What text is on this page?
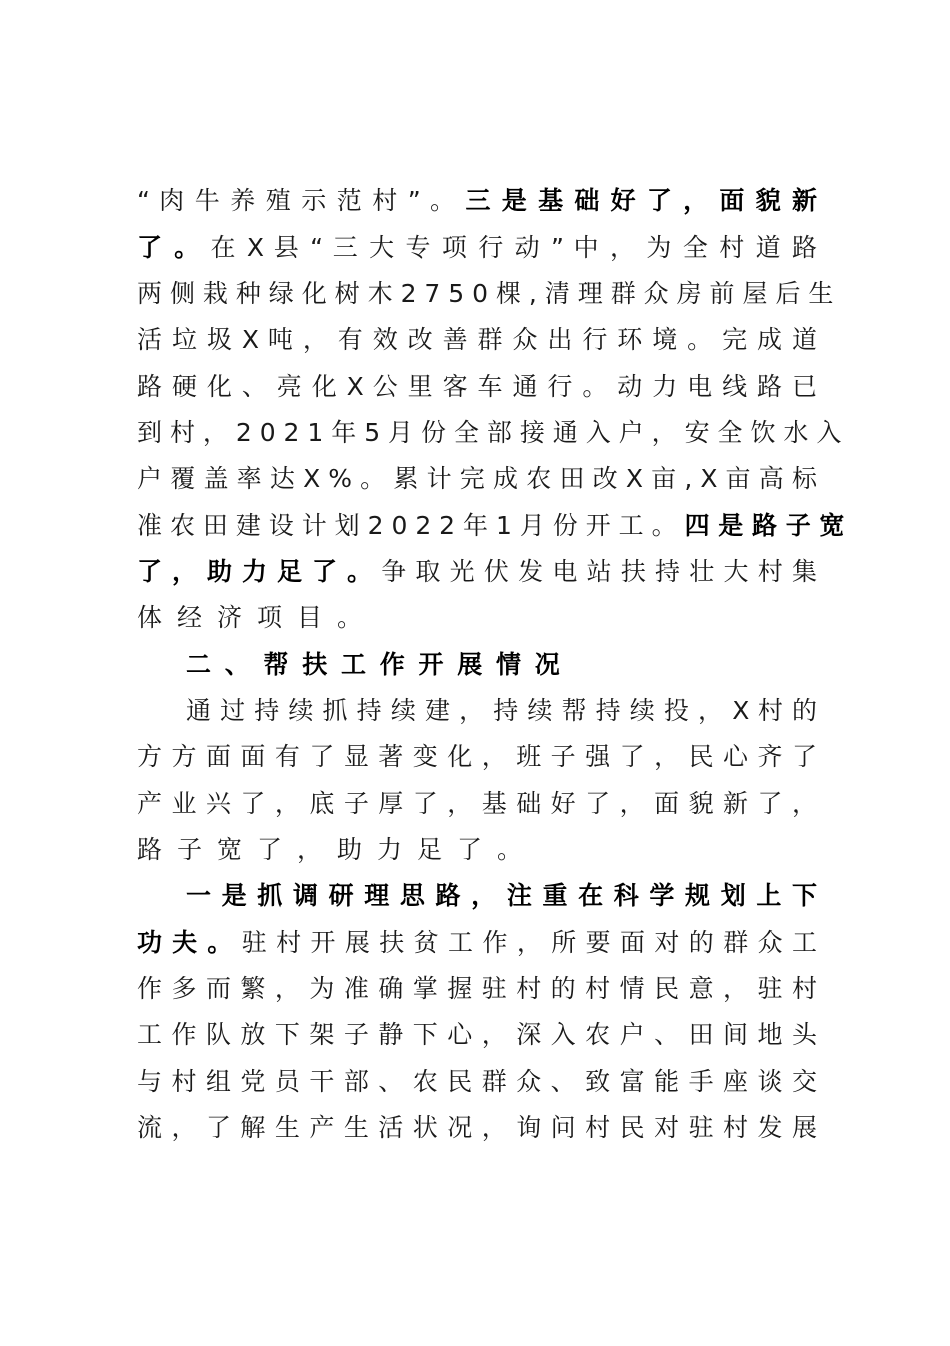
“ 肉 牛 养 殖 示 范 村 ” 。 三 是 基 础 好 了 ， 面 貌 新
了 。 在 X 县 “ 三 大 专 项 行 动 ” 中 ， 为 全 村 道 路
两 侧 栽 种 绿 化 树 木 2 7 5 0 棵 , 清 理 群 众 房 前 屋 后 生
活 垃 圾 X 吨 ， 有 效 改 善 群 众 出 行 环 境 。 完 成 道
路 硬 化 、 亮 化 X 公 里 客 车 通 行 。 动 力 电 线 路 已
到 村 ， 2 0 2 1 年 5 月 份 全 部 接 通 入 户 ， 安 全 饮 水 入
户 覆 盖 率 达 X % 。 累 计 完 成 农 田 改 X 亩 , X 亩 高 标
准 农 田 建 设 计 划 2 0 2 2 年 1 月 份 开 工 。 四 是 路 子 宽
了 ， 助 力 足 了 。 争 取 光 伏 发 电 站 扶 持 壮 大 村 集
体经济项目。
二、帮扶工作开展情况
通 过 持 续 抓 持 续 建 ， 持 续 帮 持 续 投 ， X 村 的
方 方 面 面 有 了 显 著 变 化 ， 班 子 强 了 ， 民 心 齐 了
产 业 兴 了 ， 底 子 厚 了 ， 基 础 好 了 ， 面 貌 新 了 ，
路子宽了，助力足了。
一 是 抓 调 研 理 思 路 ， 注 重 在 科 学 规 划 上 下
功 夫 。 驻 村 开 展 扶 贫 工 作 ， 所 要 面 对 的 群 众 工
作 多 而 繁 ， 为 准 确 掌 握 驻 村 的 村 情 民 意 ， 驻 村
工 作 队 放 下 架 子 静 下 心 ， 深 入 农 户 、 田 间 地 头
与 村 组 党 员 干 部 、 农 民 群 众 、 致 富 能 手 座 谈 交
流 ， 了 解 生 产 生 活 状 况 ， 询 问 村 民 对 驻 村 发 展
